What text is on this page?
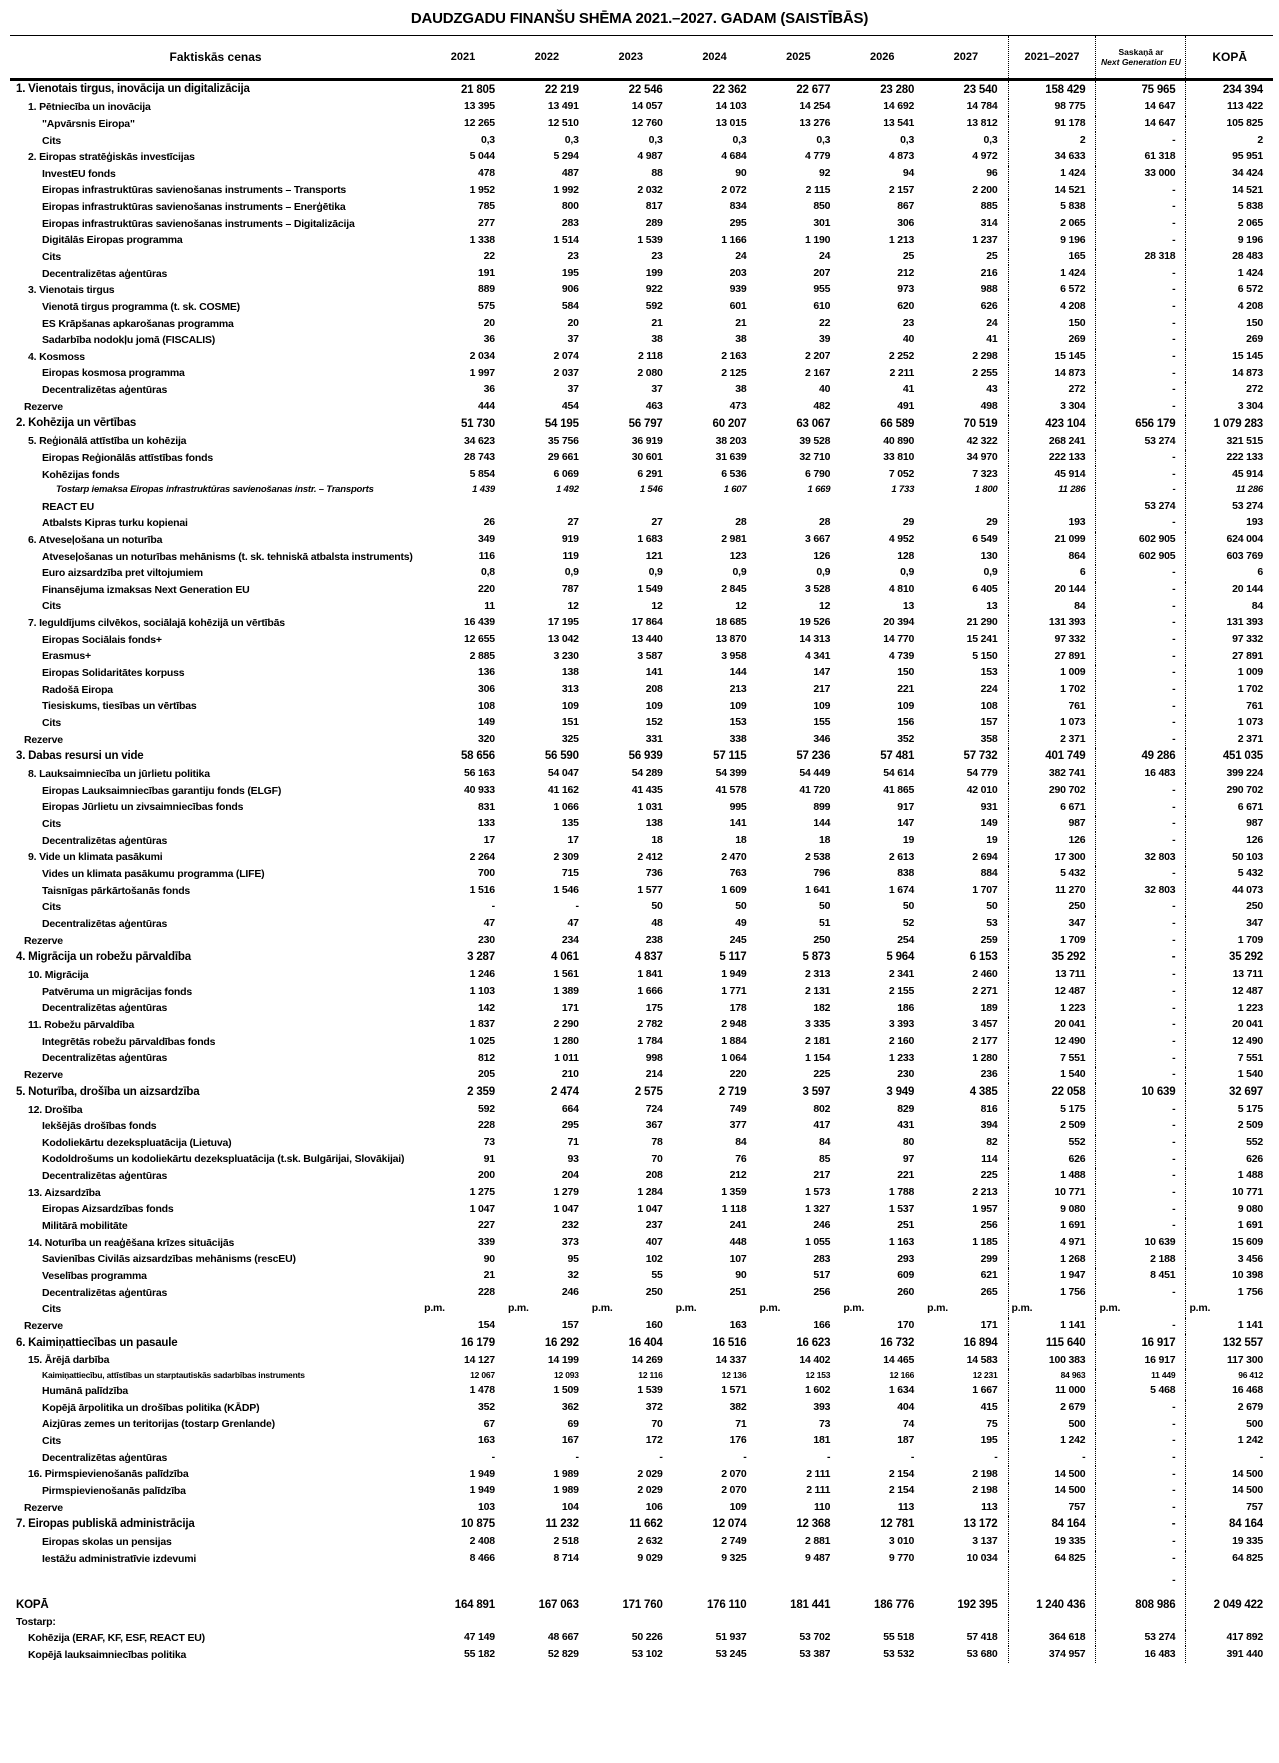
DAUDZGADU FINANŠU SHĒMA 2021.–2027. GADAM (SAISTĪBĀS)
Faktiskās cenas	2021	2022	2023	2024	2025	2026	2027	2021–2027	Saskaņā ar
Next Generation EU	KOPĀ
1. Vienotais tirgus, inovācija un digitalizācija	21 805	22 219	22 546	22 362	22 677	23 280	23 540	158 429	75 965	234 394
1. Pētniecība un inovācija	13 395	13 491	14 057	14 103	14 254	14 692	14 784	98 775	14 647	113 422
"Apvārsnis Eiropa"	12 265	12 510	12 760	13 015	13 276	13 541	13 812	91 178	14 647	105 825
Cits	0,3	0,3	0,3	0,3	0,3	0,3	0,3	2	-	2
2. Eiropas stratēģiskās investīcijas	5 044	5 294	4 987	4 684	4 779	4 873	4 972	34 633	61 318	95 951
InvestEU fonds	478	487	88	90	92	94	96	1 424	33 000	34 424
Eiropas infrastruktūras savienošanas instruments – Transports	1 952	1 992	2 032	2 072	2 115	2 157	2 200	14 521	-	14 521
Eiropas infrastruktūras savienošanas instruments – Enerģētika	785	800	817	834	850	867	885	5 838	-	5 838
Eiropas infrastruktūras savienošanas instruments – Digitalizācija	277	283	289	295	301	306	314	2 065	-	2 065
Digitālās Eiropas programma	1 338	1 514	1 539	1 166	1 190	1 213	1 237	9 196	-	9 196
Cits	22	23	23	24	24	25	25	165	28 318	28 483
Decentralizētas aģentūras	191	195	199	203	207	212	216	1 424	-	1 424
3. Vienotais tirgus	889	906	922	939	955	973	988	6 572	-	6 572
Vienotā tirgus programma (t. sk. COSME)	575	584	592	601	610	620	626	4 208	-	4 208
ES Krāpšanas apkarošanas programma	20	20	21	21	22	23	24	150	-	150
Sadarbība nodokļu jomā (FISCALIS)	36	37	38	38	39	40	41	269	-	269
4. Kosmoss	2 034	2 074	2 118	2 163	2 207	2 252	2 298	15 145	-	15 145
Eiropas kosmosa programma	1 997	2 037	2 080	2 125	2 167	2 211	2 255	14 873	-	14 873
Decentralizētas aģentūras	36	37	37	38	40	41	43	272	-	272
Rezerve	444	454	463	473	482	491	498	3 304	-	3 304
2. Kohēzija un vērtības	51 730	54 195	56 797	60 207	63 067	66 589	70 519	423 104	656 179	1 079 283
5. Reģionālā attīstība un kohēzija	34 623	35 756	36 919	38 203	39 528	40 890	42 322	268 241	53 274	321 515
Eiropas Reģionālās attīstības fonds	28 743	29 661	30 601	31 639	32 710	33 810	34 970	222 133	-	222 133
Kohēzijas fonds	5 854	6 069	6 291	6 536	6 790	7 052	7 323	45 914	-	45 914
Tostarp iemaksa Eiropas infrastruktūras savienošanas instr. – Transports	1 439	1 492	1 546	1 607	1 669	1 733	1 800	11 286	-	11 286
REACT EU									53 274	53 274
Atbalsts Kipras turku kopienai	26	27	27	28	28	29	29	193	-	193
6. Atveseļošana un noturība	349	919	1 683	2 981	3 667	4 952	6 549	21 099	602 905	624 004
Atveseļošanas un noturības mehānisms (t. sk. tehniskā atbalsta instruments)	116	119	121	123	126	128	130	864	602 905	603 769
Euro aizsardzība pret viltojumiem	0,8	0,9	0,9	0,9	0,9	0,9	0,9	6	-	6
Finansējuma izmaksas Next Generation EU	220	787	1 549	2 845	3 528	4 810	6 405	20 144	-	20 144
Cits	11	12	12	12	12	13	13	84	-	84
7. Ieguldījums cilvēkos, sociālajā kohēzijā un vērtībās	16 439	17 195	17 864	18 685	19 526	20 394	21 290	131 393	-	131 393
Eiropas Sociālais fonds+	12 655	13 042	13 440	13 870	14 313	14 770	15 241	97 332	-	97 332
Erasmus+	2 885	3 230	3 587	3 958	4 341	4 739	5 150	27 891	-	27 891
Eiropas Solidaritātes korpuss	136	138	141	144	147	150	153	1 009	-	1 009
Radošā Eiropa	306	313	208	213	217	221	224	1 702	-	1 702
Tiesiskums, tiesības un vērtības	108	109	109	109	109	109	108	761	-	761
Cits	149	151	152	153	155	156	157	1 073	-	1 073
Rezerve	320	325	331	338	346	352	358	2 371	-	2 371
3. Dabas resursi un vide	58 656	56 590	56 939	57 115	57 236	57 481	57 732	401 749	49 286	451 035
8. Lauksaimniecība un jūrlietu politika	56 163	54 047	54 289	54 399	54 449	54 614	54 779	382 741	16 483	399 224
Eiropas Lauksaimniecības garantiju fonds (ELGF)	40 933	41 162	41 435	41 578	41 720	41 865	42 010	290 702	-	290 702
Eiropas Jūrlietu un zivsaimniecības fonds	831	1 066	1 031	995	899	917	931	6 671	-	6 671
Cits	133	135	138	141	144	147	149	987	-	987
Decentralizētas aģentūras	17	17	18	18	18	19	19	126	-	126
9. Vide un klimata pasākumi	2 264	2 309	2 412	2 470	2 538	2 613	2 694	17 300	32 803	50 103
Vides un klimata pasākumu programma (LIFE)	700	715	736	763	796	838	884	5 432	-	5 432
Taisnīgas pārkārtošanās fonds	1 516	1 546	1 577	1 609	1 641	1 674	1 707	11 270	32 803	44 073
Cits	-	-	50	50	50	50	50	250	-	250
Decentralizētas aģentūras	47	47	48	49	51	52	53	347	-	347
Rezerve	230	234	238	245	250	254	259	1 709	-	1 709
4. Migrācija un robežu pārvaldība	3 287	4 061	4 837	5 117	5 873	5 964	6 153	35 292	-	35 292
10. Migrācija	1 246	1 561	1 841	1 949	2 313	2 341	2 460	13 711	-	13 711
Patvēruma un migrācijas fonds	1 103	1 389	1 666	1 771	2 131	2 155	2 271	12 487	-	12 487
Decentralizētas aģentūras	142	171	175	178	182	186	189	1 223	-	1 223
11. Robežu pārvaldība	1 837	2 290	2 782	2 948	3 335	3 393	3 457	20 041	-	20 041
Integrētās robežu pārvaldības fonds	1 025	1 280	1 784	1 884	2 181	2 160	2 177	12 490	-	12 490
Decentralizētas aģentūras	812	1 011	998	1 064	1 154	1 233	1 280	7 551	-	7 551
Rezerve	205	210	214	220	225	230	236	1 540	-	1 540
5. Noturība, drošība un aizsardzība	2 359	2 474	2 575	2 719	3 597	3 949	4 385	22 058	10 639	32 697
12. Drošība	592	664	724	749	802	829	816	5 175	-	5 175
Iekšējās drošības fonds	228	295	367	377	417	431	394	2 509	-	2 509
Kodoliekārtu dezekspluatācija (Lietuva)	73	71	78	84	84	80	82	552	-	552
Kodoldrošums un kodoliekārtu dezekspluatācija (t.sk. Bulgārijai, Slovākijai)	91	93	70	76	85	97	114	626	-	626
Decentralizētas aģentūras	200	204	208	212	217	221	225	1 488	-	1 488
13. Aizsardzība	1 275	1 279	1 284	1 359	1 573	1 788	2 213	10 771	-	10 771
Eiropas Aizsardzības fonds	1 047	1 047	1 047	1 118	1 327	1 537	1 957	9 080	-	9 080
Militārā mobilitāte	227	232	237	241	246	251	256	1 691	-	1 691
14. Noturība un reaģēšana krīzes situācijās	339	373	407	448	1 055	1 163	1 185	4 971	10 639	15 609
Savienības Civilās aizsardzības mehānisms (rescEU)	90	95	102	107	283	293	299	1 268	2 188	3 456
Veselības programma	21	32	55	90	517	609	621	1 947	8 451	10 398
Decentralizētas aģentūras	228	246	250	251	256	260	265	1 756	-	1 756
Cits	p.m.	p.m.	p.m.	p.m.	p.m.	p.m.	p.m.	p.m.	p.m.	p.m.
Rezerve	154	157	160	163	166	170	171	1 141	-	1 141
6. Kaimiņattiecības un pasaule	16 179	16 292	16 404	16 516	16 623	16 732	16 894	115 640	16 917	132 557
15. Ārējā darbība	14 127	14 199	14 269	14 337	14 402	14 465	14 583	100 383	16 917	117 300
Kaimiņattiecību, attīstības un starptautiskās sadarbības instruments	12 067	12 093	12 116	12 136	12 153	12 166	12 231	84 963	11 449	96 412
Humānā palīdzība	1 478	1 509	1 539	1 571	1 602	1 634	1 667	11 000	5 468	16 468
Kopējā ārpolitika un drošības politika (KĀDP)	352	362	372	382	393	404	415	2 679	-	2 679
Aizjūras zemes un teritorijas (tostarp Grenlande)	67	69	70	71	73	74	75	500	-	500
Cits	163	167	172	176	181	187	195	1 242	-	1 242
Decentralizētas aģentūras	-	-	-	-	-	-	-	-	-	-
16. Pirmspievienošanās palīdzība	1 949	1 989	2 029	2 070	2 111	2 154	2 198	14 500	-	14 500
Pirmspievienošanās palīdzība	1 949	1 989	2 029	2 070	2 111	2 154	2 198	14 500	-	14 500
Rezerve	103	104	106	109	110	113	113	757	-	757
7. Eiropas publiskā administrācija	10 875	11 232	11 662	12 074	12 368	12 781	13 172	84 164	-	84 164
Eiropas skolas un pensijas	2 408	2 518	2 632	2 749	2 881	3 010	3 137	19 335	-	19 335
Iestāžu administratīvie izdevumi	8 466	8 714	9 029	9 325	9 487	9 770	10 034	64 825	-	64 825
									-	
KOPĀ	164 891	167 063	171 760	176 110	181 441	186 776	192 395	1 240 436	808 986	2 049 422
Tostarp:										
Kohēzija (ERAF, KF, ESF, REACT EU)	47 149	48 667	50 226	51 937	53 702	55 518	57 418	364 618	53 274	417 892
Kopējā lauksaimniecības politika	55 182	52 829	53 102	53 245	53 387	53 532	53 680	374 957	16 483	391 440
